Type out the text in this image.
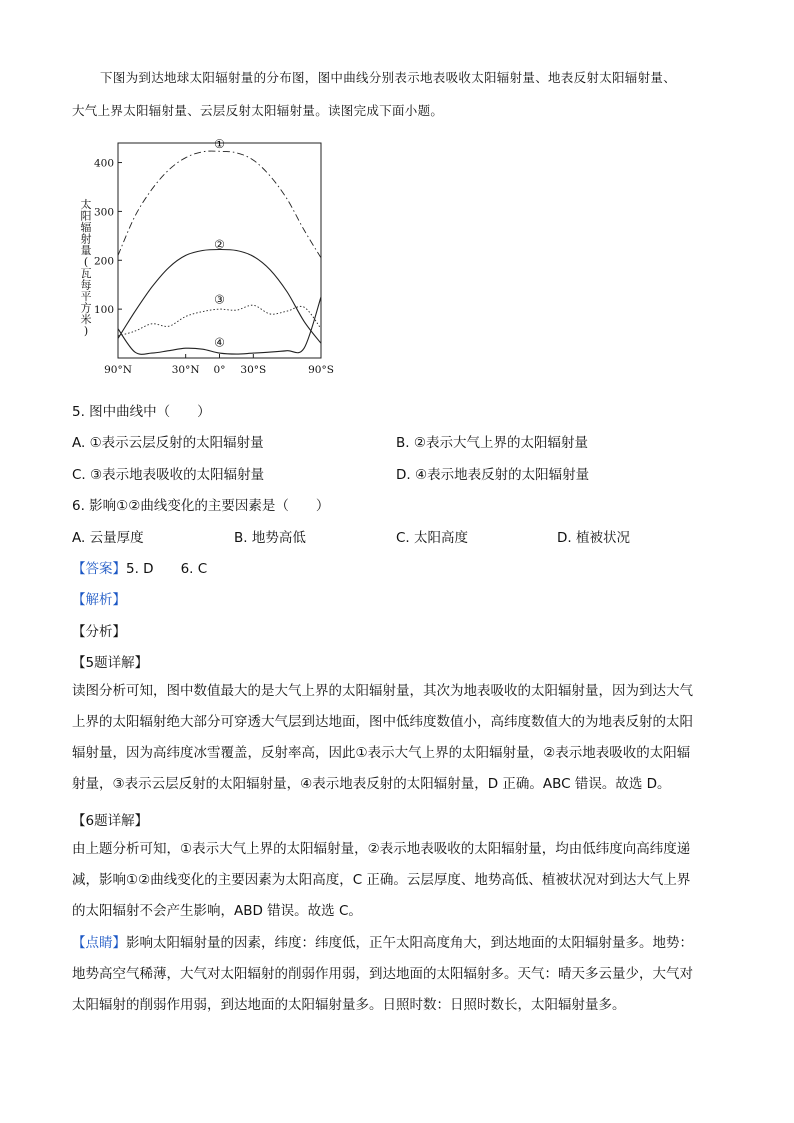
下图为到达地球太阳辐射量的分布图，图中曲线分别表示地表吸收太阳辐射量、地表反射太阳辐射量、
大气上界太阳辐射量、云层反射太阳辐射量。读图完成下面小题。
太
阳
辐
射
量
(
瓦
每
平
方
米
)
400
300
200
100
90°N	30°N 0° 30°S	90°S
①
②
③
④
5. 图中曲线中（　　）
A. ①表示云层反射的太阳辐射量	B. ②表示大气上界的太阳辐射量
C. ③表示地表吸收的太阳辐射量	D. ④表示地表反射的太阳辐射量
6. 影响①②曲线变化的主要因素是（　　）
A. 云量厚度	B. 地势高低	C. 太阳高度	D. 植被状况
【答案】5. D　　6. C
【解析】
【分析】
【5题详解】

读图分析可知，图中数值最大的是大气上界的太阳辐射量，其次为地表吸收的太阳辐射量，因为到达大气

上界的太阳辐射绝大部分可穿透大气层到达地面，图中低纬度数值小，高纬度数值大的为地表反射的太阳

辐射量，因为高纬度冰雪覆盖，反射率高，因此①表示大气上界的太阳辐射量，②表示地表吸收的太阳辐

射量，③表示云层反射的太阳辐射量，④表示地表反射的太阳辐射量，D 正确。ABC 错误。故选 D。

【6题详解】

由上题分析可知，①表示大气上界的太阳辐射量，②表示地表吸收的太阳辐射量，均由低纬度向高纬度递

减，影响①②曲线变化的主要因素为太阳高度，C 正确。云层厚度、地势高低、植被状况对到达大气上界

的太阳辐射不会产生影响，ABD 错误。故选 C。

【点睛】影响太阳辐射量的因素，纬度：纬度低，正午太阳高度角大，到达地面的太阳辐射量多。地势：

地势高空气稀薄，大气对太阳辐射的削弱作用弱，到达地面的太阳辐射多。天气：晴天多云量少，大气对

太阳辐射的削弱作用弱，到达地面的太阳辐射量多。日照时数：日照时数长，太阳辐射量多。
